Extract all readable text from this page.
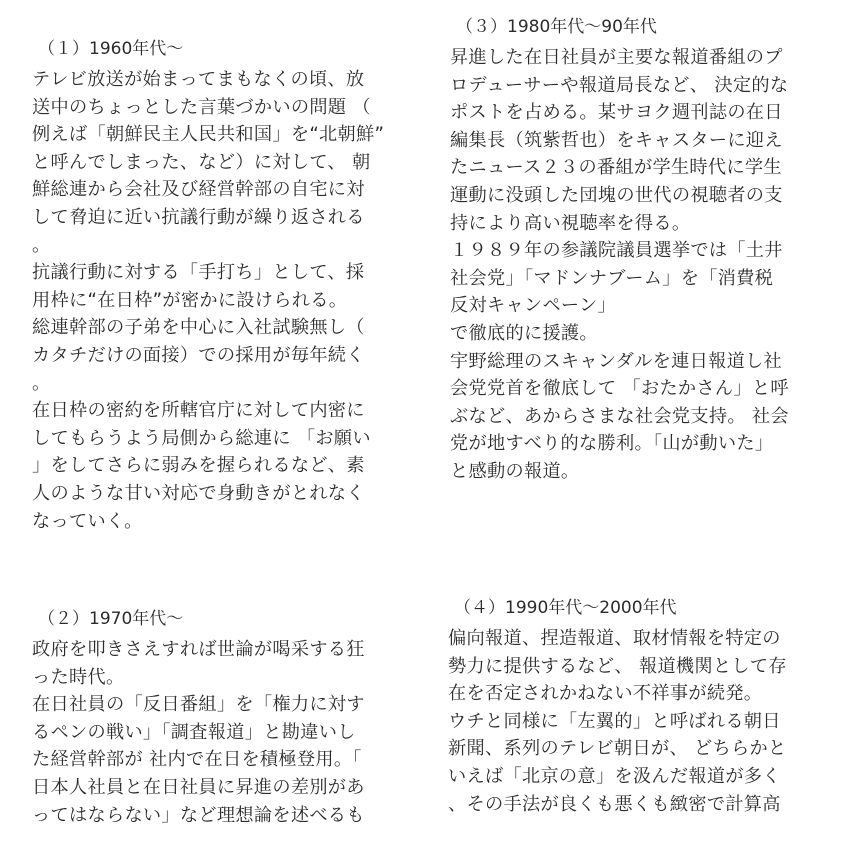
（１）1960年代〜
テレビ放送が始まってまもなくの頃、放
送中のちょっとした言葉づかいの問題 （
例えば「朝鮮民主人民共和国」を“北朝鮮”
と呼んでしまった、など）に対して、 朝
鮮総連から会社及び経営幹部の自宅に対
して脅迫に近い抗議行動が繰り返される
。
抗議行動に対する「手打ち」として、採
用枠に“在日枠”が密かに設けられる。
総連幹部の子弟を中心に入社試験無し（
カタチだけの面接）での採用が毎年続く
。
在日枠の密約を所轄官庁に対して内密に
してもらうよう局側から総連に 「お願い
」をしてさらに弱みを握られるなど、素
人のような甘い対応で身動きがとれなく
なっていく。
（２）1970年代〜
政府を叩きさえすれば世論が喝采する狂
った時代。
在日社員の「反日番組」を「権力に対す
るペンの戦い」「調査報道」と勘違いし
た経営幹部が 社内で在日を積極登用。「
日本人社員と在日社員に昇進の差別があ
ってはならない」など理想論を述べるも
（３）1980年代〜90年代
昇進した在日社員が主要な報道番組のプ
ロデューサーや報道局長など、 決定的な
ポストを占める。某サヨク週刊誌の在日
編集長（筑紫哲也）をキャスターに迎え
たニュース２３の番組が学生時代に学生
運動に没頭した団塊の世代の視聴者の支
持により高い視聴率を得る。
１９８９年の参議院議員選挙では「土井
社会党」「マドンナブーム」を「消費税
反対キャンペーン」
で徹底的に援護。
宇野総理のスキャンダルを連日報道し社
会党党首を徹底して 「おたかさん」と呼
ぶなど、あからさまな社会党支持。 社会
党が地すべり的な勝利。「山が動いた」
と感動の報道。
（４）1990年代〜2000年代
偏向報道、捏造報道、取材情報を特定の
勢力に提供するなど、 報道機関として存
在を否定されかねない不祥事が続発。
ウチと同様に「左翼的」と呼ばれる朝日
新聞、系列のテレビ朝日が、 どちらかと
いえば「北京の意」を汲んだ報道が多く
、その手法が良くも悪くも緻密で計算高
